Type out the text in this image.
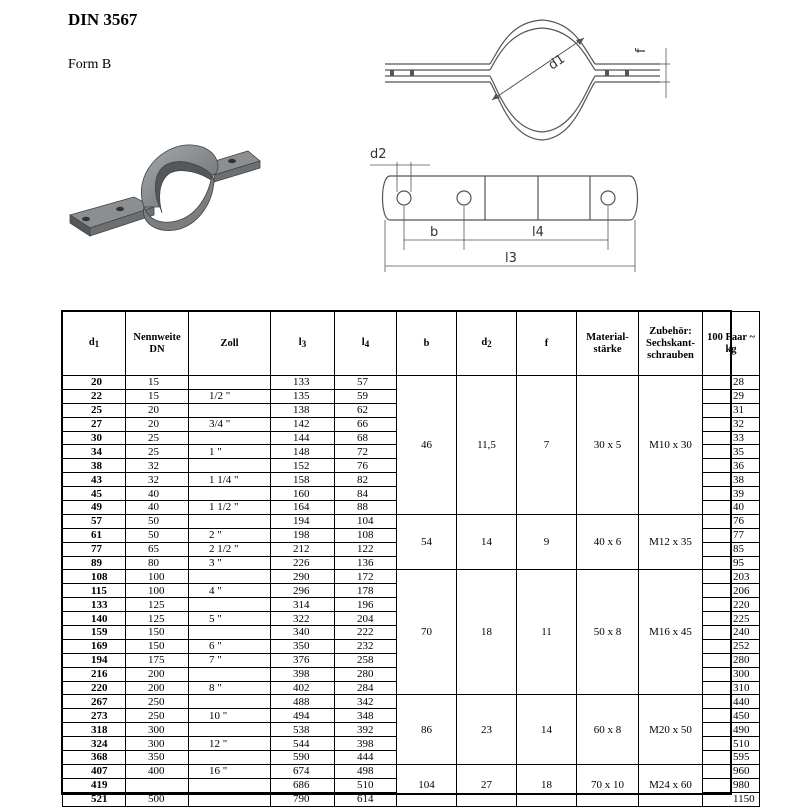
DIN 3567
Form B	d1
f
d2
b	l4
l3
d1	Nennweite DN	Zoll	l3	l4	b	d2	f	Material-stärke	Zubehör: Sechskant-schrauben	100 Paar ~ kg
20	15		133	57	46	11,5	7	30 x 5	M10 x 30	28
22	15	1/2 "	135	59						29
25	20		138	62						31
27	20	3/4 "	142	66						32
30	25		144	68						33
34	25	1 "	148	72						35
38	32		152	76						36
43	32	1 1/4 "	158	82						38
45	40		160	84						39
49	40	1 1/2 "	164	88						40
57	50		194	104	54	14	9	40 x 6	M12 x 35	76
61	50	2 "	198	108						77
77	65	2 1/2 "	212	122						85
89	80	3 "	226	136						95
108	100		290	172	70	18	11	50 x 8	M16 x 45	203
115	100	4 "	296	178						206
133	125		314	196						220
140	125	5 "	322	204						225
159	150		340	222						240
169	150	6 "	350	232						252
194	175	7 "	376	258						280
216	200		398	280						300
220	200	8 "	402	284						310
267	250		488	342	86	23	14	60 x 8	M20 x 50	440
273	250	10 "	494	348						450
318	300		538	392						490
324	300	12 "	544	398						510
368	350		590	444						595
407	400	16 "	674	498	104	27	18	70 x 10	M24 x 60	960
419			686	510						980
521	500		790	614						1150
